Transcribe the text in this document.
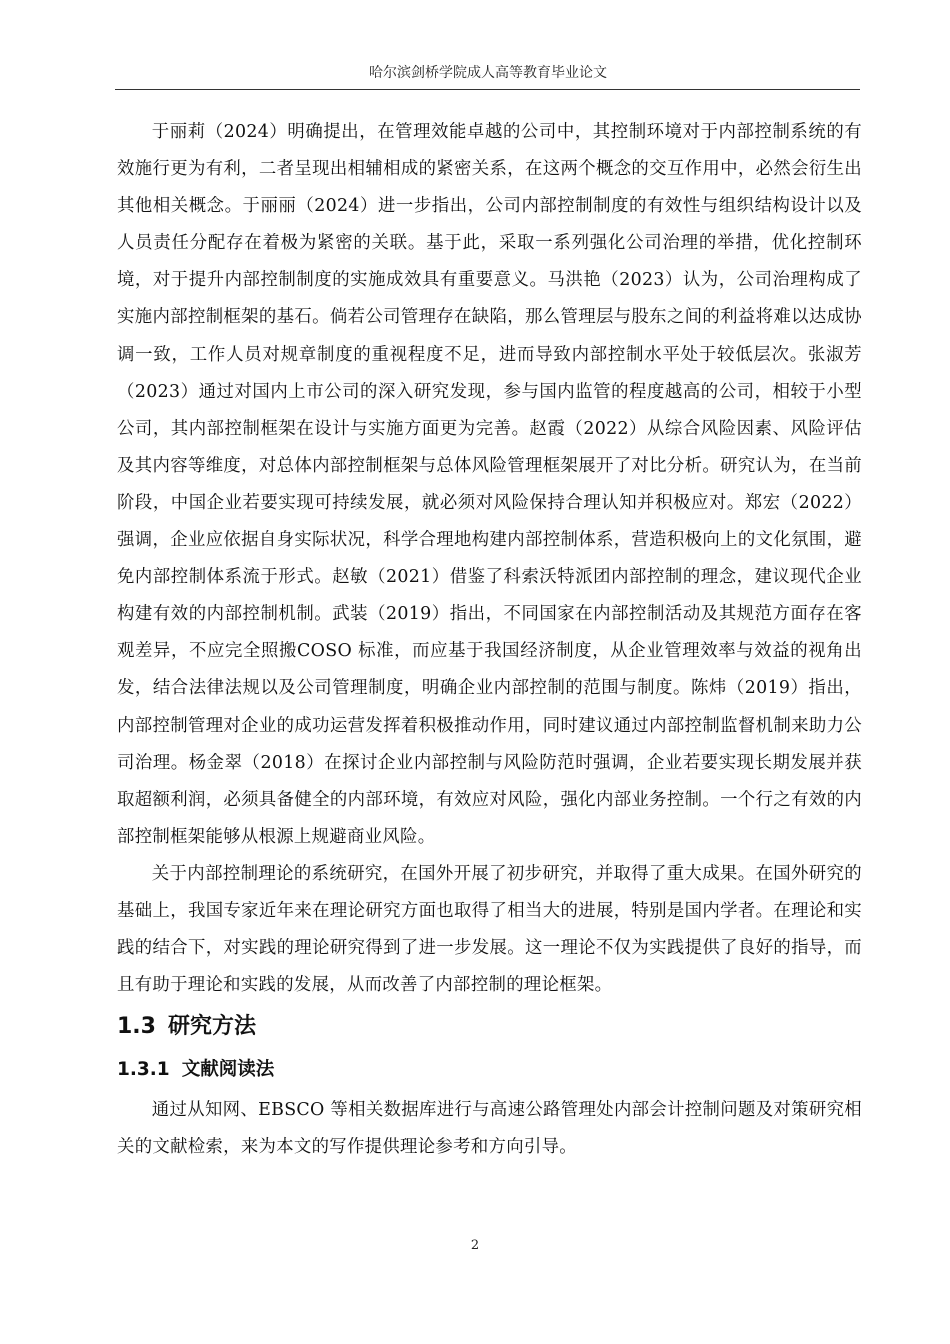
哈尔滨剑桥学院成人高等教育毕业论文

于丽莉（2024）明确提出，在管理效能卓越的公司中，其控制环境对于内部控制系统的有效施行更为有利，二者呈现出相辅相成的紧密关系，在这两个概念的交互作用中，必然会衍生出其他相关概念。于丽丽（2024）进一步指出，公司内部控制制度的有效性与组织结构设计以及人员责任分配存在着极为紧密的关联。基于此，采取一系列强化公司治理的举措，优化控制环境，对于提升内部控制制度的实施成效具有重要意义。马洪艳（2023）认为，公司治理构成了实施内部控制框架的基石。倘若公司管理存在缺陷，那么管理层与股东之间的利益将难以达成协调一致，工作人员对规章制度的重视程度不足，进而导致内部控制水平处于较低层次。张淑芳（2023）通过对国内上市公司的深入研究发现，参与国内监管的程度越高的公司，相较于小型公司，其内部控制框架在设计与实施方面更为完善。赵霞（2022）从综合风险因素、风险评估及其内容等维度，对总体内部控制框架与总体风险管理框架展开了对比分析。研究认为，在当前阶段，中国企业若要实现可持续发展，就必须对风险保持合理认知并积极应对。郑宏（2022）强调，企业应依据自身实际状况，科学合理地构建内部控制体系，营造积极向上的文化氛围，避免内部控制体系流于形式。赵敏（2021）借鉴了科索沃特派团内部控制的理念，建议现代企业构建有效的内部控制机制。武装（2019）指出，不同国家在内部控制活动及其规范方面存在客观差异，不应完全照搬COSO 标准，而应基于我国经济制度，从企业管理效率与效益的视角出发，结合法律法规以及公司管理制度，明确企业内部控制的范围与制度。陈炜（2019）指出，内部控制管理对企业的成功运营发挥着积极推动作用，同时建议通过内部控制监督机制来助力公司治理。杨金翠（2018）在探讨企业内部控制与风险防范时强调，企业若要实现长期发展并获取超额利润，必须具备健全的内部环境，有效应对风险，强化内部业务控制。一个行之有效的内部控制框架能够从根源上规避商业风险。

关于内部控制理论的系统研究，在国外开展了初步研究，并取得了重大成果。在国外研究的基础上，我国专家近年来在理论研究方面也取得了相当大的进展，特别是国内学者。在理论和实践的结合下，对实践的理论研究得到了进一步发展。这一理论不仅为实践提供了良好的指导，而且有助于理论和实践的发展，从而改善了内部控制的理论框架。

1.3 研究方法
1.3.1 文献阅读法

通过从知网、EBSCO 等相关数据库进行与高速公路管理处内部会计控制问题及对策研究相关的文献检索，来为本文的写作提供理论参考和方向引导。

2
